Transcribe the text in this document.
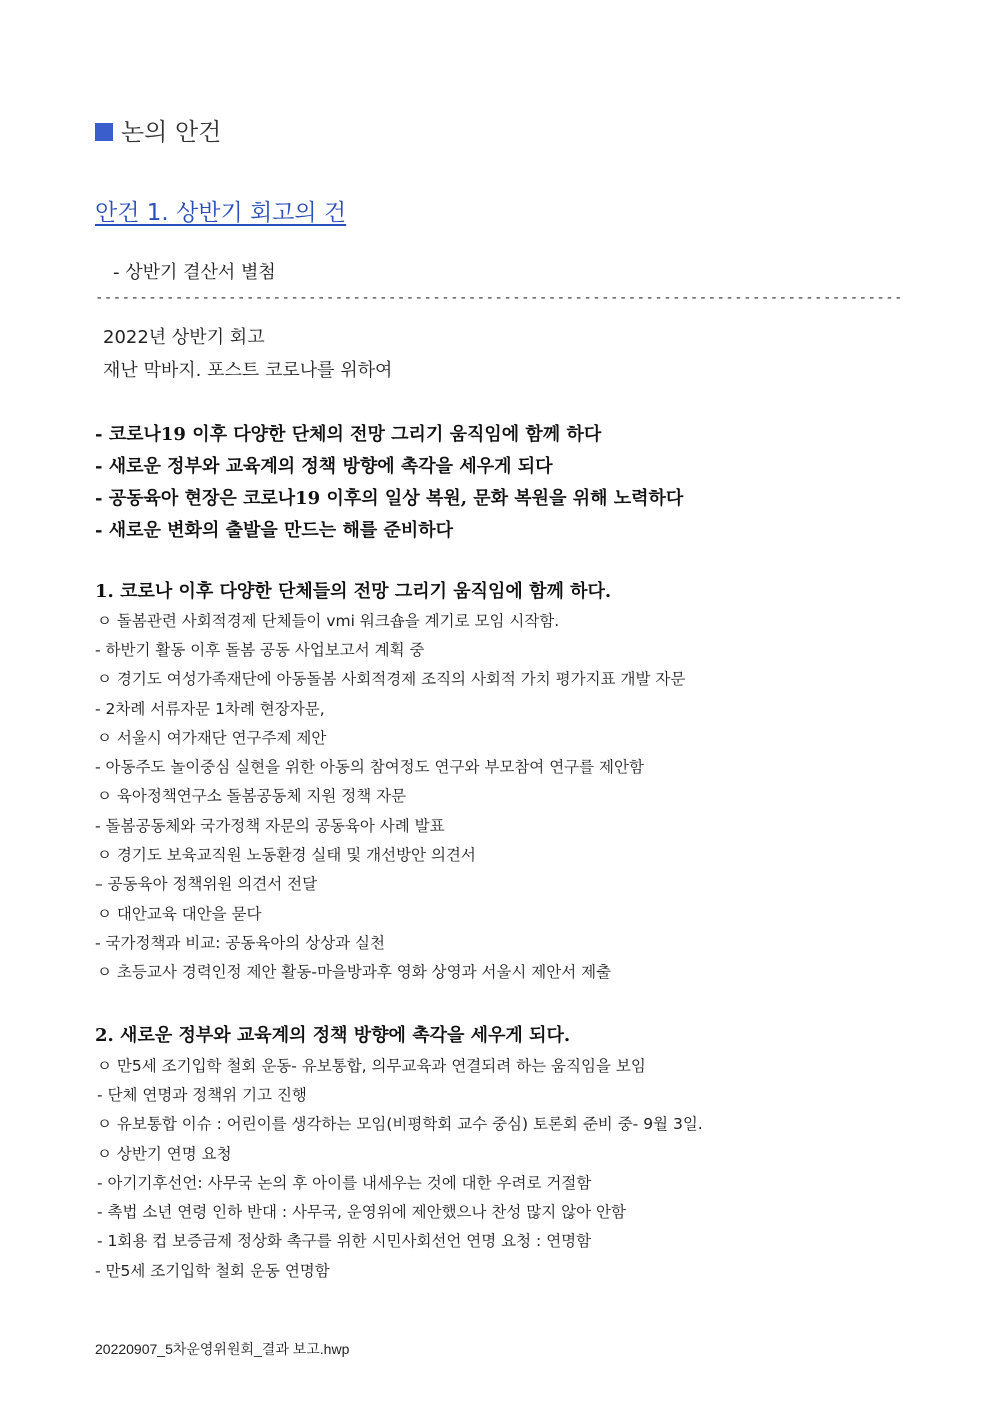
논의 안건
안건 1. 상반기 회고의 건
- 상반기 결산서 별첨
-------------------------------------------------------------------------------------------
2022년 상반기 회고
재난 막바지. 포스트 코로나를 위하여
- 코로나19 이후 다양한 단체의 전망 그리기 움직임에 함께 하다
- 새로운 정부와 교육계의 정책 방향에 촉각을 세우게 되다
- 공동육아 현장은 코로나19 이후의 일상 복원, 문화 복원을 위해 노력하다
- 새로운 변화의 출발을 만드는 해를 준비하다
1. 코로나 이후 다양한 단체들의 전망 그리기 움직임에 함께 하다.
ㅇ 돌봄관련 사회적경제 단체들이 vmi 워크숍을 계기로 모임 시작함.
- 하반기 활동 이후 돌봄 공동 사업보고서 계획 중
ㅇ 경기도 여성가족재단에 아동돌봄 사회적경제 조직의 사회적 가치 평가지표 개발 자문
- 2차례 서류자문 1차례 현장자문,
ㅇ 서울시 여가재단 연구주제 제안
- 아동주도 놀이중심 실현을 위한 아동의 참여정도 연구와 부모참여 연구를 제안함
ㅇ 육아정책연구소 돌봄공동체 지원 정책 자문
- 돌봄공동체와 국가정책 자문의 공동육아 사례 발표
ㅇ 경기도 보육교직원 노동환경 실태 및 개선방안 의견서
– 공동육아 정책위원 의견서 전달
ㅇ 대안교육 대안을 묻다
- 국가정책과 비교: 공동육아의 상상과 실천
ㅇ 초등교사 경력인정 제안 활동-마을방과후 영화 상영과 서울시 제안서 제출
2. 새로운 정부와 교육계의 정책 방향에 촉각을 세우게 되다.
ㅇ 만5세 조기입학 철회 운동- 유보통합, 의무교육과 연결되려 하는 움직임을 보임
- 단체 연명과 정책위 기고 진행
ㅇ 유보통합 이슈 : 어린이를 생각하는 모임(비평학회 교수 중심) 토론회 준비 중- 9월 3일.
ㅇ 상반기 연명 요청
- 아기기후선언: 사무국 논의 후 아이를 내세우는 것에 대한 우려로 거절함
- 촉법 소년 연령 인하 반대 : 사무국, 운영위에 제안했으나 찬성 많지 않아 안함
- 1회용 컵 보증금제 정상화 촉구를 위한 시민사회선언 연명 요청 : 연명함
- 만5세 조기입학 철회 운동 연명함
20220907_5차운영위원회_결과 보고.hwp
